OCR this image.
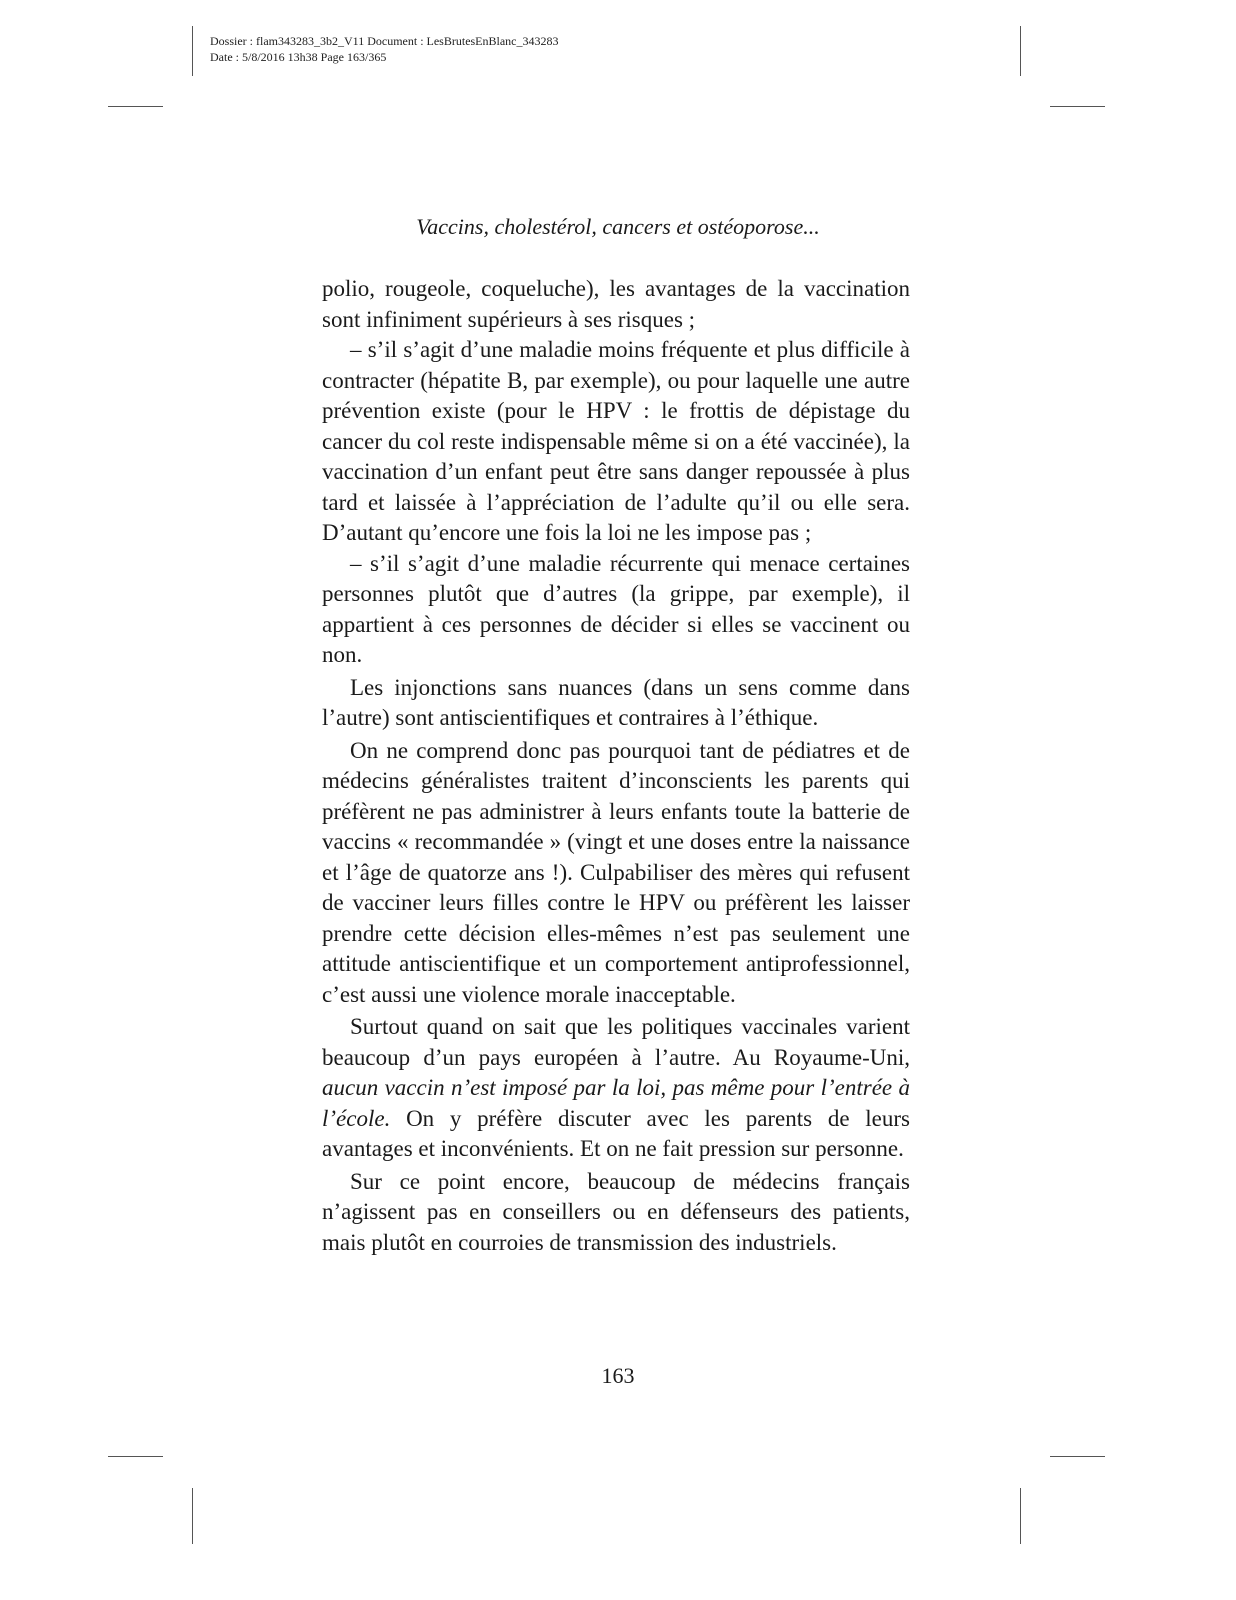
Dossier : flam343283_3b2_V11 Document : LesBrutesEnBlanc_343283
Date : 5/8/2016 13h38 Page 163/365
Vaccins, cholestérol, cancers et ostéoporose...

polio, rougeole, coqueluche), les avantages de la vaccination sont infiniment supérieurs à ses risques ;

– s’il s’agit d’une maladie moins fréquente et plus difficile à contracter (hépatite B, par exemple), ou pour laquelle une autre prévention existe (pour le HPV : le frottis de dépistage du cancer du col reste indispensable même si on a été vaccinée), la vaccination d’un enfant peut être sans danger repoussée à plus tard et laissée à l’appréciation de l’adulte qu’il ou elle sera. D’autant qu’encore une fois la loi ne les impose pas ;

– s’il s’agit d’une maladie récurrente qui menace certaines personnes plutôt que d’autres (la grippe, par exemple), il appartient à ces personnes de décider si elles se vaccinent ou non.

Les injonctions sans nuances (dans un sens comme dans l’autre) sont antiscientifiques et contraires à l’éthique.

On ne comprend donc pas pourquoi tant de pédiatres et de médecins généralistes traitent d’inconscients les parents qui préfèrent ne pas administrer à leurs enfants toute la batterie de vaccins « recommandée » (vingt et une doses entre la naissance et l’âge de quatorze ans !). Culpabiliser des mères qui refusent de vacciner leurs filles contre le HPV ou préfèrent les laisser prendre cette décision elles-mêmes n’est pas seulement une attitude antiscientifique et un comportement antiprofessionnel, c’est aussi une violence morale inacceptable.

Surtout quand on sait que les politiques vaccinales varient beaucoup d’un pays européen à l’autre. Au Royaume-Uni, aucun vaccin n’est imposé par la loi, pas même pour l’entrée à l’école. On y préfère discuter avec les parents de leurs avantages et inconvénients. Et on ne fait pression sur personne.

Sur ce point encore, beaucoup de médecins français n’agissent pas en conseillers ou en défenseurs des patients, mais plutôt en courroies de transmission des industriels.

163
